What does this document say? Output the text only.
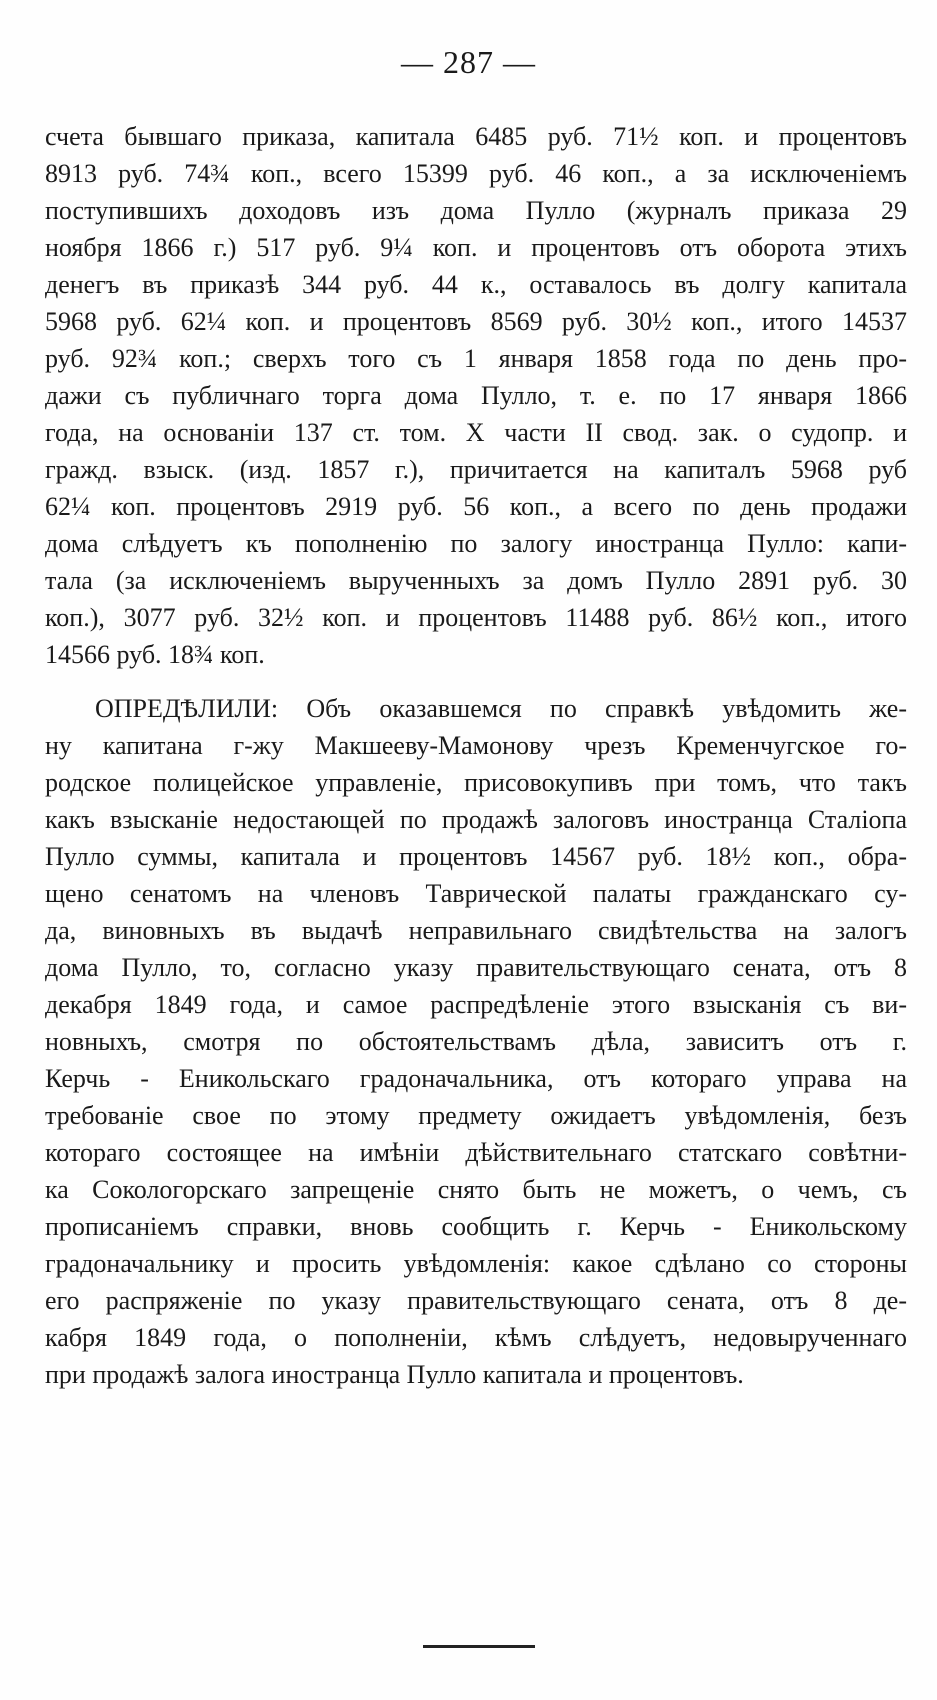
— 287 —
счета бывшаго приказа, капитала 6485 руб. 71½ коп. и процентовъ
8913 руб. 74¾ коп., всего 15399 руб. 46 коп., а за исключеніемъ
поступившихъ доходовъ изъ дома Пулло (журналъ приказа 29
ноября 1866 г.) 517 руб. 9¼ коп. и процентовъ отъ оборота этихъ
денегъ въ приказѣ 344 руб. 44 к., оставалось въ долгу капитала
5968 руб. 62¼ коп. и процентовъ 8569 руб. 30½ коп., итого 14537
руб. 92¾ коп.; сверхъ того съ 1 января 1858 года по день про-
дажи съ публичнаго торга дома Пулло, т. е. по 17 января 1866
года, на основаніи 137 ст. том. X части II свод. зак. о судопр. и
гражд. взыск. (изд. 1857 г.), причитается на капиталъ 5968 руб
62¼ коп. процентовъ 2919 руб. 56 коп., а всего по день продажи
дома слѣдуетъ къ пополненію по залогу иностранца Пулло: капи-
тала (за исключеніемъ вырученныхъ за домъ Пулло 2891 руб. 30
коп.), 3077 руб. 32½ коп. и процентовъ 11488 руб. 86½ коп., итого
14566 руб. 18¾ коп.
ОПРЕДѢЛИЛИ: Объ оказавшемся по справкѣ увѣдомить же-
ну капитана г-жу Макшееву-Мамонову чрезъ Кременчугское го-
родское полицейское управленіе, присовокупивъ при томъ, что такъ
какъ взысканіе недостающей по продажѣ залоговъ иностранца Сталіопа
Пулло суммы, капитала и процентовъ 14567 руб. 18½ коп., обра-
щено сенатомъ на членовъ Таврической палаты гражданскаго су-
да, виновныхъ въ выдачѣ неправильнаго свидѣтельства на залогъ
дома Пулло, то, согласно указу правительствующаго сената, отъ 8
декабря 1849 года, и самое распредѣленіе этого взысканія съ ви-
новныхъ, смотря по обстоятельствамъ дѣла, зависитъ отъ г.
Керчь - Еникольскаго градоначальника, отъ котораго управа на
требованіе свое по этому предмету ожидаетъ увѣдомленія, безъ
котораго состоящее на имѣніи дѣйствительнаго статскаго совѣтни-
ка Сокологорскаго запрещеніе снято быть не можетъ, о чемъ, съ
прописаніемъ справки, вновь сообщить г. Керчь - Еникольскому
градоначальнику и просить увѣдомленія: какое сдѣлано со стороны
его распряженіе по указу правительствующаго сената, отъ 8 де-
кабря 1849 года, о пополненіи, кѣмъ слѣдуетъ, недовырученнаго
при продажѣ залога иностранца Пулло капитала и процентовъ.
